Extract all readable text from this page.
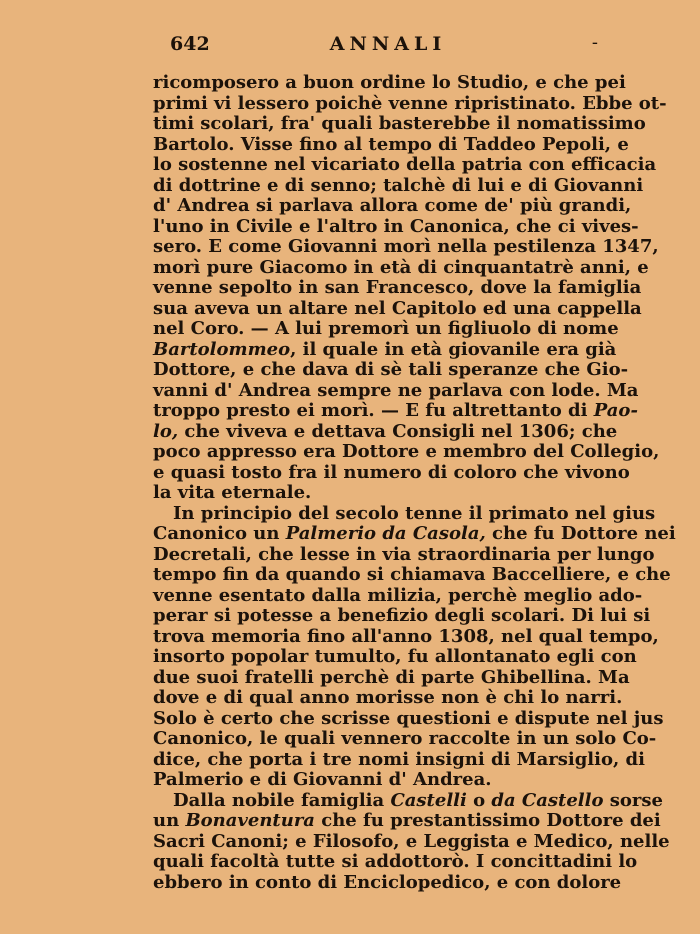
642	ANNALI	-
ricomposero a buon ordine lo Studio, e che pei
primi vi lessero poichè venne ripristinato. Ebbe ot-
timi scolari, fra' quali basterebbe il nomatissimo
Bartolo. Visse fino al tempo di Taddeo Pepoli, e
lo sostenne nel vicariato della patria con efficacia
di dottrine e di senno; talchè di lui e di Giovanni
d' Andrea si parlava allora come de' più grandi,
l'uno in Civile e l'altro in Canonica, che ci vives-
sero. E come Giovanni morì nella pestilenza 1347,
morì pure Giacomo in età di cinquantatrè anni, e
venne sepolto in san Francesco, dove la famiglia
sua aveva un altare nel Capitolo ed una cappella
nel Coro. — A lui premorì un figliuolo di nome
Bartolommeo, il quale in età giovanile era già
Dottore, e che dava di sè tali speranze che Gio-
vanni d' Andrea sempre ne parlava con lode. Ma
troppo presto ei morì. — E fu altrettanto di Pao-
lo, che viveva e dettava Consigli nel 1306; che
poco appresso era Dottore e membro del Collegio,
e quasi tosto fra il numero di coloro che vivono
la vita eternale.
In principio del secolo tenne il primato nel gius
Canonico un Palmerio da Casola, che fu Dottore nei
Decretali, che lesse in via straordinaria per lungo
tempo fin da quando si chiamava Baccelliere, e che
venne esentato dalla milizia, perchè meglio ado-
perar si potesse a benefizio degli scolari. Di lui si
trova memoria fino all'anno 1308, nel qual tempo,
insorto popolar tumulto, fu allontanato egli con
due suoi fratelli perchè di parte Ghibellina. Ma
dove e di qual anno morisse non è chi lo narri.
Solo è certo che scrisse questioni e dispute nel jus
Canonico, le quali vennero raccolte in un solo Co-
dice, che porta i tre nomi insigni di Marsiglio, di
Palmerio e di Giovanni d' Andrea.
Dalla nobile famiglia Castelli o da Castello sorse
un Bonaventura che fu prestantissimo Dottore dei
Sacri Canoni; e Filosofo, e Leggista e Medico, nelle
quali facoltà tutte si addottorò. I concittadini lo
ebbero in conto di Enciclopedico, e con dolore
